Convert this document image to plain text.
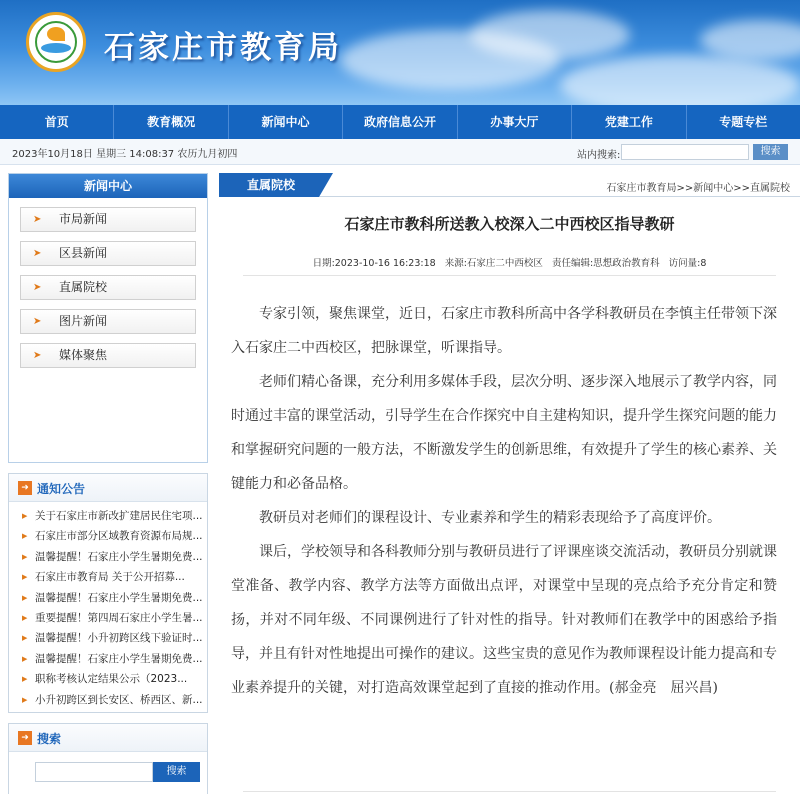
石家庄市教育局
首页	教育概况	新闻中心	政府信息公开	办事大厅	党建工作	专题专栏
2023年10月18日 星期三 14:08:37 农历九月初四	站内搜索:	搜索
新闻中心
➤ 市局新闻
➤ 区县新闻
➤ 直属院校
➤ 图片新闻
➤ 媒体聚焦
➜ 通知公告
▶ 关于石家庄市新改扩建居民住宅项...
▶ 石家庄市部分区域教育资源布局规...
▶ 温馨提醒！石家庄小学生暑期免费...
▶ 石家庄市教育局 关于公开招募...
▶ 温馨提醒！石家庄小学生暑期免费...
▶ 重要提醒！第四周石家庄小学生暑...
▶ 温馨提醒！小升初跨区线下验证时...
▶ 温馨提醒！石家庄小学生暑期免费...
▶ 职称考核认定结果公示（2023...
▶ 小升初跨区到长安区、桥西区、新...
➜ 搜索
搜索
直属院校	石家庄市教育局>>新闻中心>>直属院校
石家庄市教科所送教入校深入二中西校区指导教研
日期:2023-10-16 16:23:18 来源:石家庄二中西校区 责任编辑:思想政治教育科 访问量:8

专家引领，聚焦课堂，近日，石家庄市教科所高中各学科教研员在李慎主任带领下深入石家庄二中西校区，把脉课堂，听课指导。

老师们精心备课，充分利用多媒体手段，层次分明、逐步深入地展示了教学内容，同时通过丰富的课堂活动，引导学生在合作探究中自主建构知识，提升学生探究问题的能力和掌握研究问题的一般方法，不断激发学生的创新思维，有效提升了学生的核心素养、关键能力和必备品格。

教研员对老师们的课程设计、专业素养和学生的精彩表现给予了高度评价。

课后，学校领导和各科教师分别与教研员进行了评课座谈交流活动，教研员分别就课堂准备、教学内容、教学方法等方面做出点评，对课堂中呈现的亮点给予充分肯定和赞扬，并对不同年级、不同课例进行了针对性的指导。针对教师们在教学中的困惑给予指导，并且有针对性地提出可操作的建议。这些宝贵的意见作为教师课程设计能力提高和专业素养提升的关键，对打造高效课堂起到了直接的推动作用。(郝金亮　屈兴昌)
